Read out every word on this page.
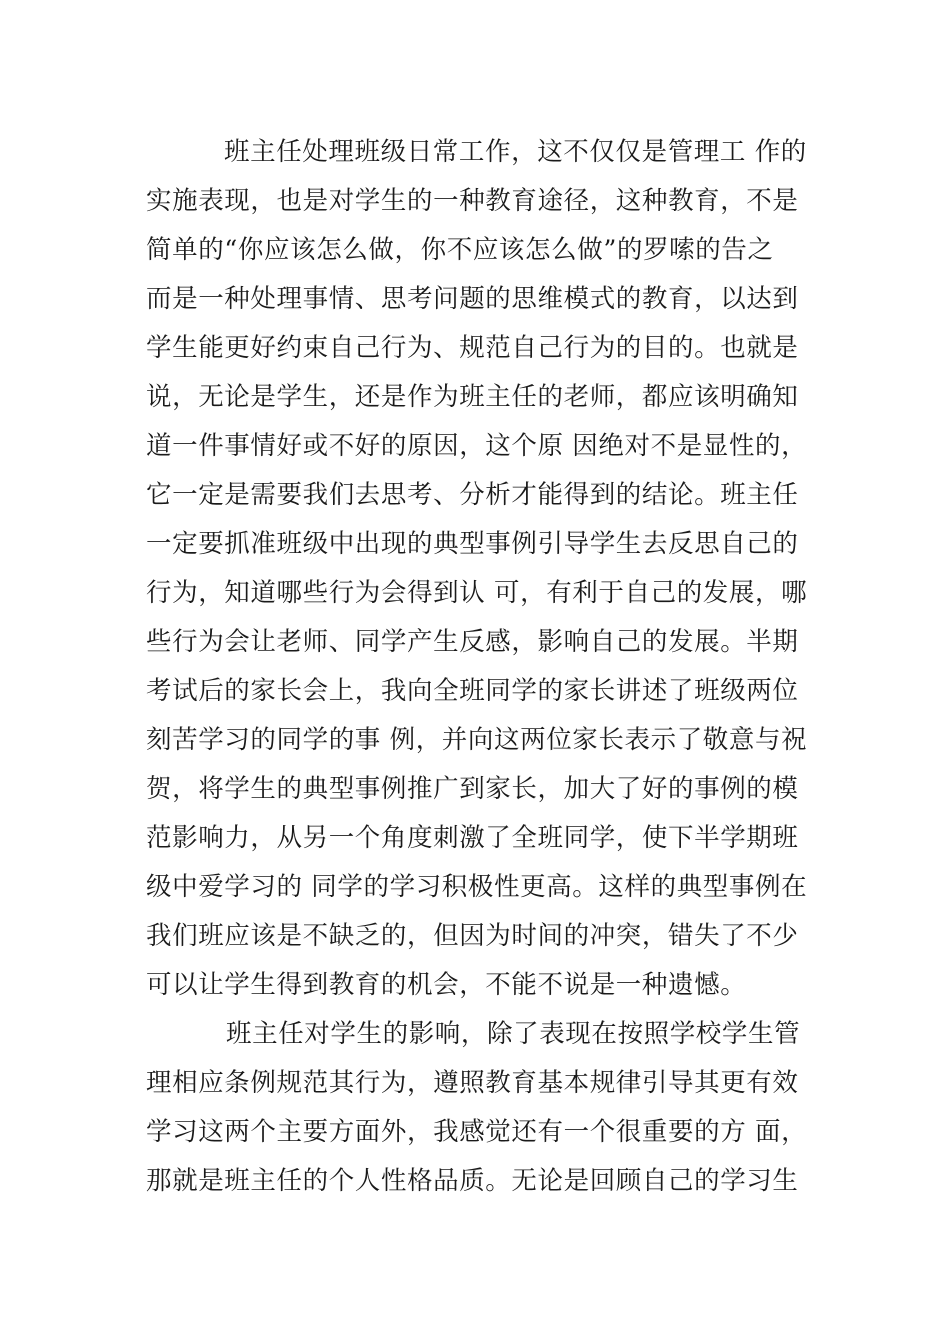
班主任处理班级日常工作，这不仅仅是管理工 作的
实施表现，也是对学生的一种教育途径，这种教育，不是
简单的“你应该怎么做，你不应该怎么做”的罗嗦的告之
而是一种处理事情、思考问题的思维模式的教育，以达到
学生能更好约束自己行为、规范自己行为的目的。也就是
说，无论是学生，还是作为班主任的老师，都应该明确知
道一件事情好或不好的原因，这个原 因绝对不是显性的，
它一定是需要我们去思考、分析才能得到的结论。班主任
一定要抓准班级中出现的典型事例引导学生去反思自己的
行为，知道哪些行为会得到认 可，有利于自己的发展，哪
些行为会让老师、同学产生反感，影响自己的发展。半期
考试后的家长会上，我向全班同学的家长讲述了班级两位
刻苦学习的同学的事 例，并向这两位家长表示了敬意与祝
贺，将学生的典型事例推广到家长，加大了好的事例的模
范影响力，从另一个角度刺激了全班同学，使下半学期班
级中爱学习的 同学的学习积极性更高。这样的典型事例在
我们班应该是不缺乏的，但因为时间的冲突，错失了不少
可以让学生得到教育的机会，不能不说是一种遗憾。
班主任对学生的影响，除了表现在按照学校学生管
理相应条例规范其行为，遵照教育基本规律引导其更有效
学习这两个主要方面外，我感觉还有一个很重要的方 面，
那就是班主任的个人性格品质。无论是回顾自己的学习生
